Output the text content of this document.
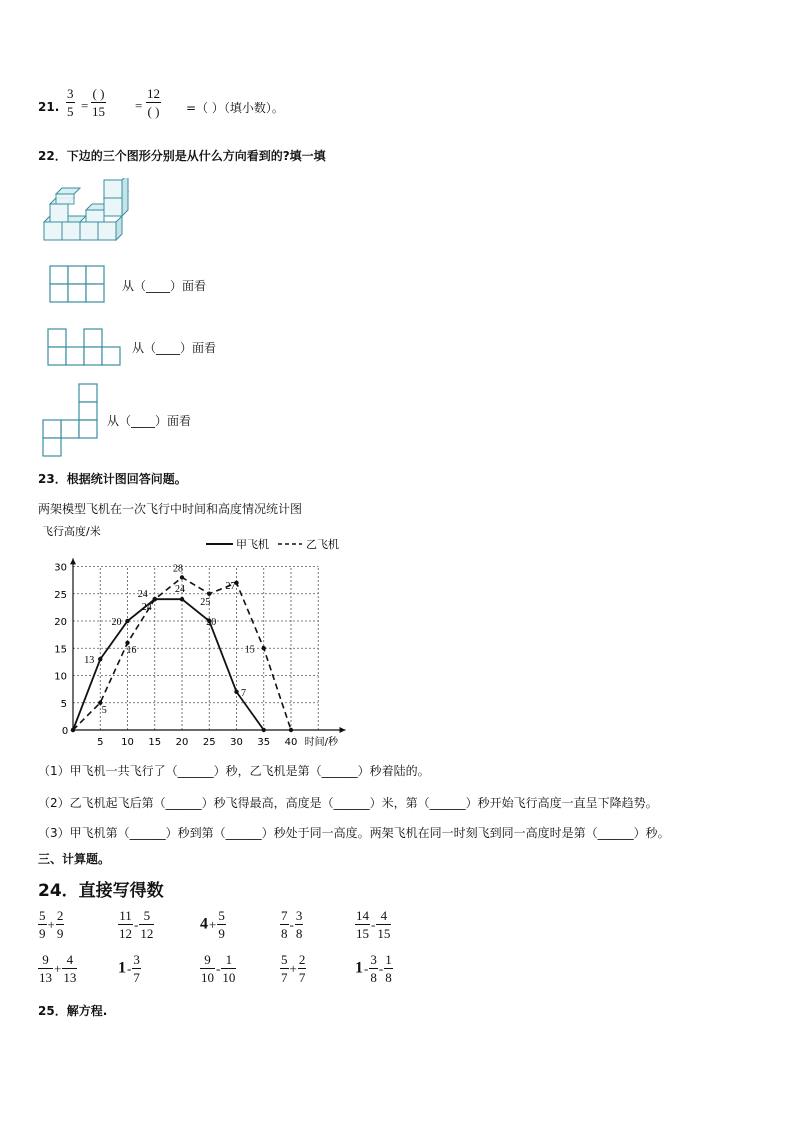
21.
3
5 =
( )
15 =
12
( ) =（ ）（填小数）。
22．下边的三个图形分别是从什么方向看到的?填一填
从（____）面看
从（____）面看
从（____）面看
23．根据统计图回答问题。
两架模型飞机在一次飞行中时间和高度情况统计图
飞行高度/米
时间/秒
5
10
15
20
25
30
0
5 10 15 20 25 30 35 40
甲飞机	乙飞机
13
20
24	24
20
7
5
16
24
28
25
27
15
（1）甲飞机一共飞行了（______）秒，乙飞机是第（______）秒着陆的。
（2）乙飞机起飞后第（______）秒飞得最高，高度是（______）米，第（______）秒开始飞行高度一直呈下降趋势。
（3）甲飞机第（______）秒到第（______）秒处于同一高度。两架飞机在同一时刻飞到同一高度时是第（______）秒。
三、计算题。
24．直接写得数
$\frac{5}{9} + \frac{2}{9}$	$\frac{11}{12} - \frac{5}{12}$	$4+ \frac{5}{9}$	$\frac{7}{8} - \frac{3}{8}$	$\frac{14}{15} - \frac{4}{15}$
$\frac{9}{13} + \frac{4}{13}$	$1- \frac{3}{7}$	$\frac{9}{10} - \frac{1}{10}$	$\frac{5}{7} + \frac{2}{7}$	$1- \frac{3}{8} - \frac{1}{8}$
25．解方程.
